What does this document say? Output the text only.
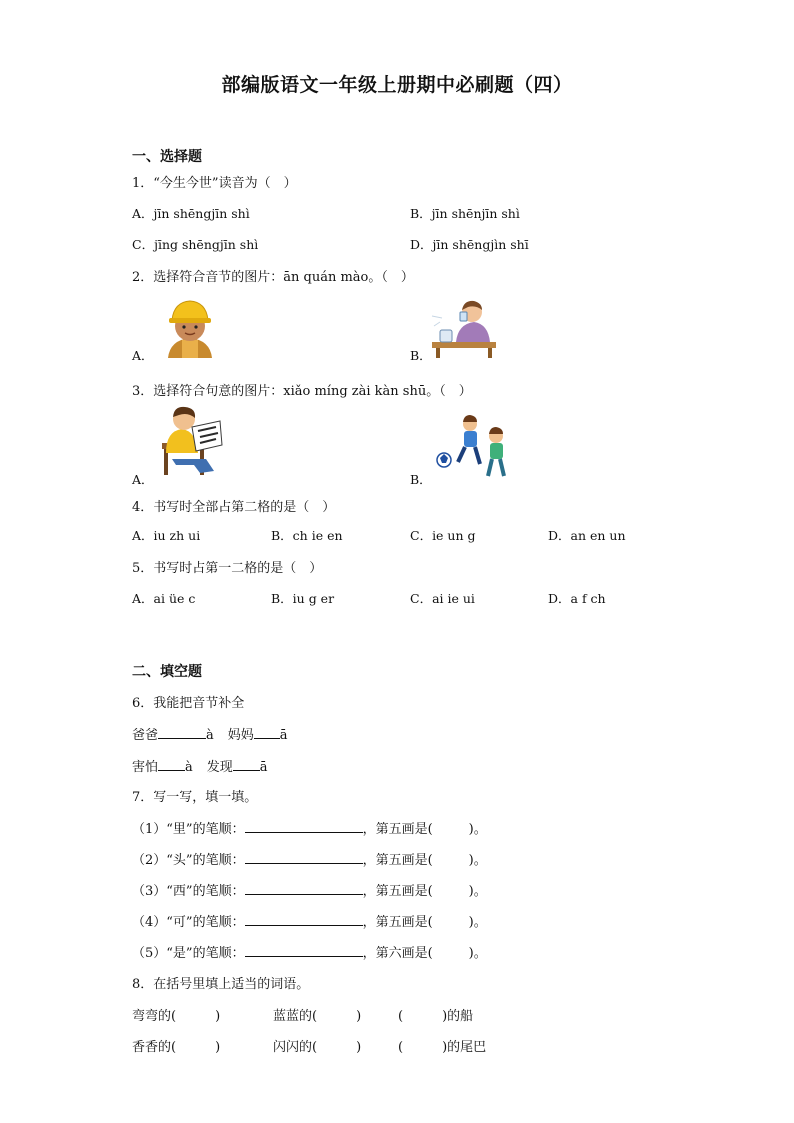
部编版语文一年级上册期中必刷题（四）
一、选择题
1．“今生今世”读音为（　）
A．jīn shēngjīn shì	B．jīn shēnjīn shì
C．jīng shēngjīn shì	D．jīn shēngjìn shī
2．选择符合音节的图片：ān quán mào。（　）
A．	B．
3．选择符合句意的图片：xiǎo míng zài kàn shū。（　）
A．	B．
4．书写时全部占第二格的是（　）
A．iu zh ui	B．ch ie en	C．ie un g	D．an en un
5．书写时占第一二格的是（　）
A．ai üe c	B．iu g er	C．ai ie ui	D．a f ch
二、填空题
6．我能把音节补全
爸爸	à 妈妈 ā
害怕 à 发现 ā
7．写一写，填一填。
（1）“里”的笔顺：	，第五画是(	)。
（2）“头”的笔顺：	，第五画是(	)。
（3）“西”的笔顺：	，第五画是(	)。
（4）“可”的笔顺：	，第五画是(	)。
（5）“是”的笔顺：	，第六画是(	)。
8．在括号里填上适当的词语。
弯弯的(　　　)	蓝蓝的(　　　)	(　　　)的船
香香的(　　　)	闪闪的(　　　)	(　　　)的尾巴
